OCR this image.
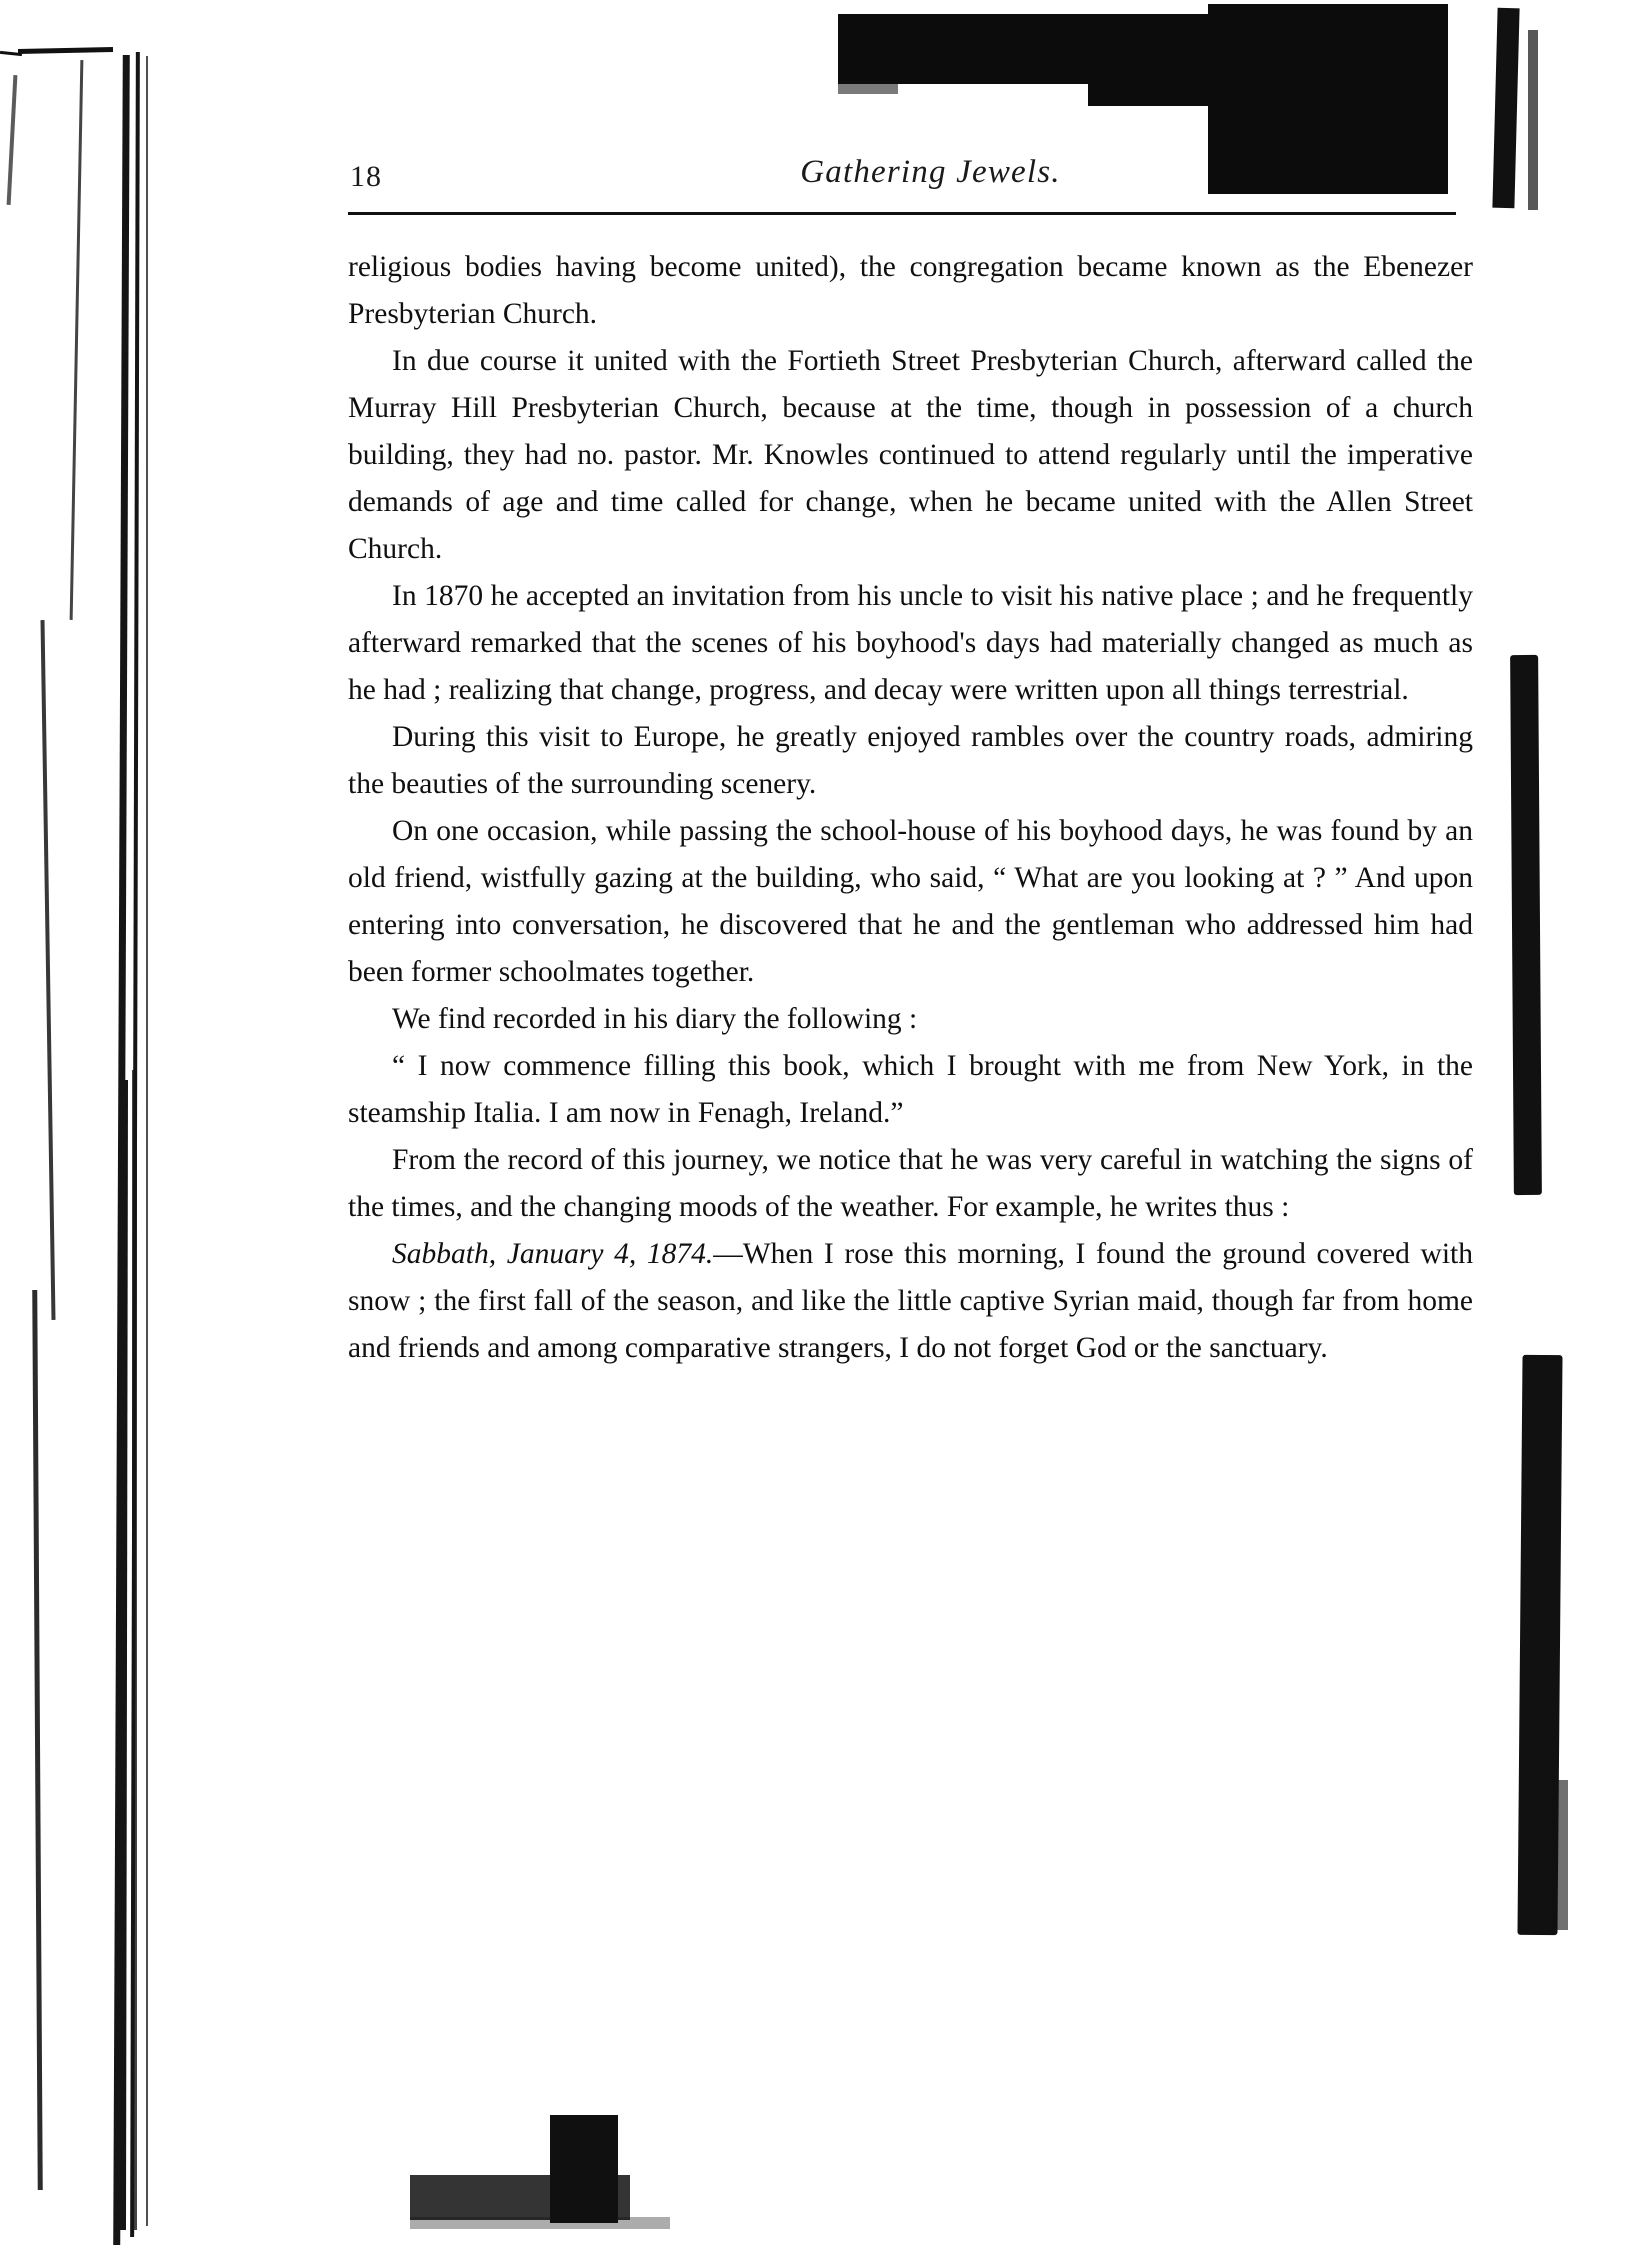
18	Gathering Jewels.

religious bodies having become united), the congregation became known as the Ebenezer Presbyterian Church.

In due course it united with the Fortieth Street Presbyterian Church, afterward called the Murray Hill Presbyterian Church, because at the time, though in possession of a church building, they had no. pastor. Mr. Knowles continued to attend regularly until the imperative demands of age and time called for change, when he became united with the Allen Street Church.

In 1870 he accepted an invitation from his uncle to visit his native place ; and he frequently afterward remarked that the scenes of his boyhood's days had materially changed as much as he had ; realizing that change, progress, and decay were written upon all things terrestrial.

During this visit to Europe, he greatly enjoyed rambles over the country roads, admiring the beauties of the surrounding scenery.

On one occasion, while passing the school-house of his boyhood days, he was found by an old friend, wistfully gazing at the building, who said, “ What are you looking at ? ” And upon entering into conversation, he discovered that he and the gentleman who addressed him had been former schoolmates together.

We find recorded in his diary the following :

“ I now commence filling this book, which I brought with me from New York, in the steamship Italia. I am now in Fenagh, Ireland.”

From the record of this journey, we notice that he was very careful in watching the signs of the times, and the changing moods of the weather. For example, he writes thus :

Sabbath, January 4, 1874.—When I rose this morning, I found the ground covered with snow ; the first fall of the season, and like the little captive Syrian maid, though far from home and friends and among comparative strangers, I do not forget God or the sanctuary.
